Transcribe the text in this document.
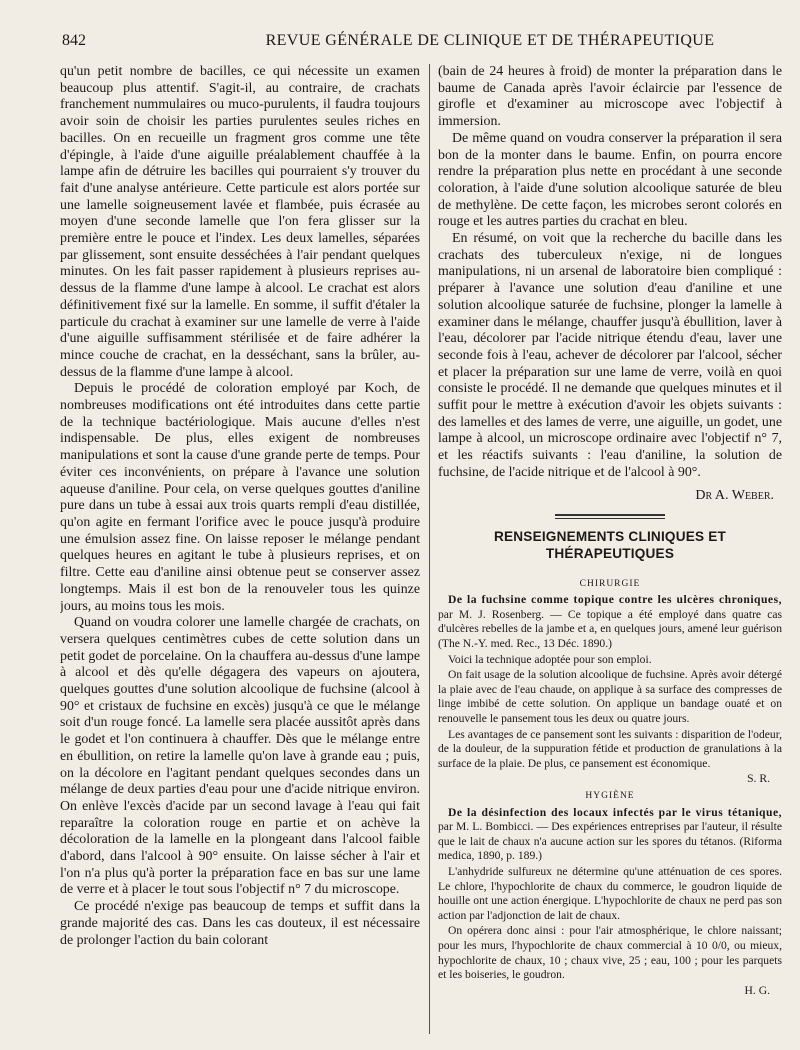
842	REVUE GÉNÉRALE DE CLINIQUE ET DE THÉRAPEUTIQUE

qu'un petit nombre de bacilles, ce qui nécessite un examen beaucoup plus attentif. S'agit-il, au contraire, de crachats franchement nummulaires ou muco-purulents, il faudra toujours avoir soin de choisir les parties purulentes seules riches en bacilles. On en recueille un fragment gros comme une tête d'épingle, à l'aide d'une aiguille préalablement chauffée à la lampe afin de détruire les bacilles qui pourraient s'y trouver du fait d'une analyse antérieure. Cette particule est alors portée sur une lamelle soigneusement lavée et flambée, puis écrasée au moyen d'une seconde lamelle que l'on fera glisser sur la première entre le pouce et l'index. Les deux lamelles, séparées par glissement, sont ensuite desséchées à l'air pendant quelques minutes. On les fait passer rapidement à plusieurs reprises au-dessus de la flamme d'une lampe à alcool. Le crachat est alors définitivement fixé sur la lamelle. En somme, il suffit d'étaler la particule du crachat à examiner sur une lamelle de verre à l'aide d'une aiguille suffisamment stérilisée et de faire adhérer la mince couche de crachat, en la desséchant, sans la brûler, au-dessus de la flamme d'une lampe à alcool.

Depuis le procédé de coloration employé par Koch, de nombreuses modifications ont été introduites dans cette partie de la technique bactériologique. Mais aucune d'elles n'est indispensable. De plus, elles exigent de nombreuses manipulations et sont la cause d'une grande perte de temps. Pour éviter ces inconvénients, on prépare à l'avance une solution aqueuse d'aniline. Pour cela, on verse quelques gouttes d'aniline pure dans un tube à essai aux trois quarts rempli d'eau distillée, qu'on agite en fermant l'orifice avec le pouce jusqu'à produire une émulsion assez fine. On laisse reposer le mélange pendant quelques heures en agitant le tube à plusieurs reprises, et on filtre. Cette eau d'aniline ainsi obtenue peut se conserver assez longtemps. Mais il est bon de la renouveler tous les quinze jours, au moins tous les mois.

Quand on voudra colorer une lamelle chargée de crachats, on versera quelques centimètres cubes de cette solution dans un petit godet de porcelaine. On la chauffera au-dessus d'une lampe à alcool et dès qu'elle dégagera des vapeurs on ajoutera, quelques gouttes d'une solution alcoolique de fuchsine (alcool à 90° et cristaux de fuchsine en excès) jusqu'à ce que le mélange soit d'un rouge foncé. La lamelle sera placée aussitôt après dans le godet et l'on continuera à chauffer. Dès que le mélange entre en ébullition, on retire la lamelle qu'on lave à grande eau ; puis, on la décolore en l'agitant pendant quelques secondes dans un mélange de deux parties d'eau pour une d'acide nitrique environ. On enlève l'excès d'acide par un second lavage à l'eau qui fait reparaître la coloration rouge en partie et on achève la décoloration de la lamelle en la plongeant dans l'alcool faible d'abord, dans l'alcool à 90° ensuite. On laisse sécher à l'air et l'on n'a plus qu'à porter la préparation face en bas sur une lame de verre et à placer le tout sous l'objectif n° 7 du microscope.

Ce procédé n'exige pas beaucoup de temps et suffit dans la grande majorité des cas. Dans les cas douteux, il est nécessaire de prolonger l'action du bain colorant

(bain de 24 heures à froid) de monter la préparation dans le baume de Canada après l'avoir éclaircie par l'essence de girofle et d'examiner au microscope avec l'objectif à immersion.

De même quand on voudra conserver la préparation il sera bon de la monter dans le baume. Enfin, on pourra encore rendre la préparation plus nette en procédant à une seconde coloration, à l'aide d'une solution alcoolique saturée de bleu de methylène. De cette façon, les microbes seront colorés en rouge et les autres parties du crachat en bleu.

En résumé, on voit que la recherche du bacille dans les crachats des tuberculeux n'exige, ni de longues manipulations, ni un arsenal de laboratoire bien compliqué : préparer à l'avance une solution d'eau d'aniline et une solution alcoolique saturée de fuchsine, plonger la lamelle à examiner dans le mélange, chauffer jusqu'à ébullition, laver à l'eau, décolorer par l'acide nitrique étendu d'eau, laver une seconde fois à l'eau, achever de décolorer par l'alcool, sécher et placer la préparation sur une lame de verre, voilà en quoi consiste le procédé. Il ne demande que quelques minutes et il suffit pour le mettre à exécution d'avoir les objets suivants : des lamelles et des lames de verre, une aiguille, un godet, une lampe à alcool, un microscope ordinaire avec l'objectif n° 7, et les réactifs suivants : l'eau d'aniline, la solution de fuchsine, de l'acide nitrique et de l'alcool à 90°.

Dr A. Weber.
RENSEIGNEMENTS CLINIQUES ET THÉRAPEUTIQUES
CHIRURGIE

De la fuchsine comme topique contre les ulcères chroniques, par M. J. Rosenberg. — Ce topique a été employé dans quatre cas d'ulcères rebelles de la jambe et a, en quelques jours, amené leur guérison (The N.-Y. med. Rec., 13 Déc. 1890.)

Voici la technique adoptée pour son emploi.

On fait usage de la solution alcoolique de fuchsine. Après avoir détergé la plaie avec de l'eau chaude, on applique à sa surface des compresses de linge imbibé de cette solution. On applique un bandage ouaté et on renouvelle le pansement tous les deux ou quatre jours.

Les avantages de ce pansement sont les suivants : disparition de l'odeur, de la douleur, de la suppuration fétide et production de granulations à la surface de la plaie. De plus, ce pansement est économique.

S. R.
HYGIÈNE

De la désinfection des locaux infectés par le virus tétanique, par M. L. Bombicci. — Des expériences entreprises par l'auteur, il résulte que le lait de chaux n'a aucune action sur les spores du tétanos. (Riforma medica, 1890, p. 189.)

L'anhydride sulfureux ne détermine qu'une atténuation de ces spores. Le chlore, l'hypochlorite de chaux du commerce, le goudron liquide de houille ont une action énergique. L'hypochlorite de chaux ne perd pas son action par l'adjonction de lait de chaux.

On opérera donc ainsi : pour l'air atmosphérique, le chlore naissant; pour les murs, l'hypochlorite de chaux commercial à 10 0/0, ou mieux, hypochlorite de chaux, 10 ; chaux vive, 25 ; eau, 100 ; pour les parquets et les boiseries, le goudron.

H. G.
